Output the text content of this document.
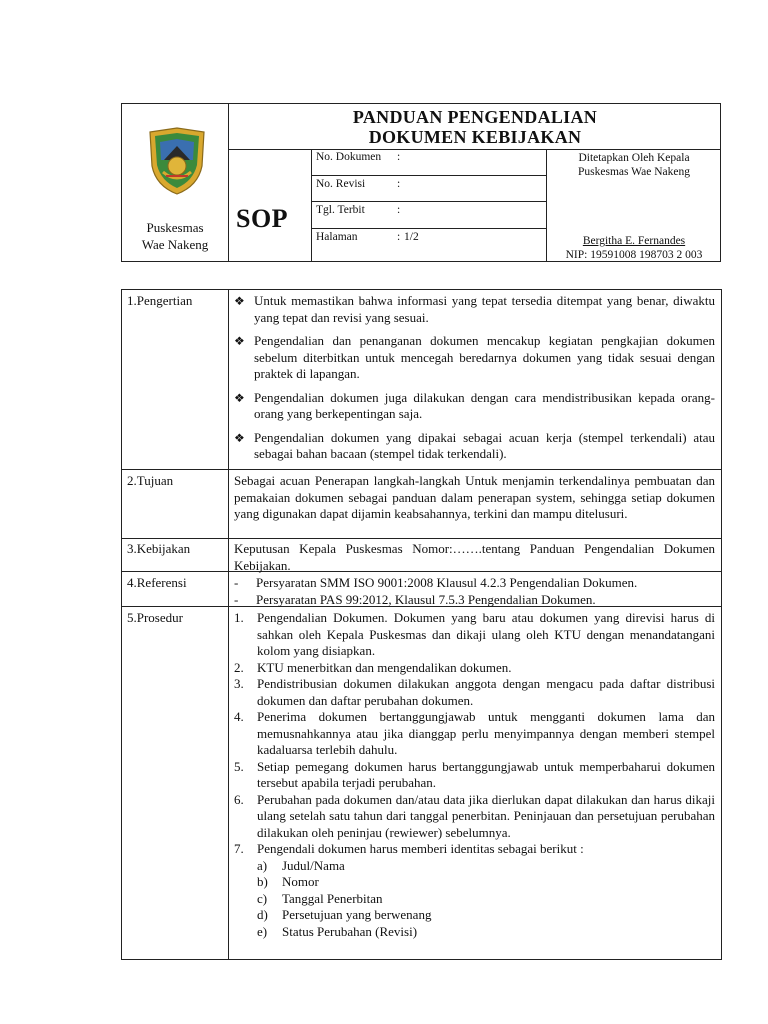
Puskesmas
Wae Nakeng
PANDUAN PENGENDALIAN
DOKUMEN KEBIJAKAN
SOP
No. Dokumen :
No. Revisi	:
Tgl. Terbit	:
Halaman	: 1/2
Ditetapkan Oleh Kepala
Puskesmas Wae Nakeng
Bergitha E. Fernandes
NIP: 19591008 198703 2 003
1.Pengertian	❖ Untuk memastikan bahwa informasi yang tepat tersedia ditempat yang benar, diwaktu yang tepat dan revisi yang sesuai.
❖ Pengendalian dan penanganan dokumen mencakup kegiatan pengkajian dokumen sebelum diterbitkan untuk mencegah beredarnya dokumen yang tidak sesuai dengan praktek di lapangan.
❖ Pengendalian dokumen juga dilakukan dengan cara mendistribusikan kepada orang-orang yang berkepentingan saja.
❖ Pengendalian dokumen yang dipakai sebagai acuan kerja (stempel terkendali) atau sebagai bahan bacaan (stempel tidak terkendali).
2.Tujuan	Sebagai acuan Penerapan langkah-langkah Untuk menjamin terkendalinya pembuatan dan pemakaian dokumen sebagai panduan dalam penerapan system, sehingga setiap dokumen yang digunakan dapat dijamin keabsahannya, terkini dan mampu ditelusuri.
3.Kebijakan	Keputusan Kepala Puskesmas Nomor:…….tentang Panduan Pengendalian Dokumen Kebijakan.
4.Referensi	- Persyaratan SMM ISO 9001:2008 Klausul 4.2.3 Pengendalian Dokumen.
- Persyaratan PAS 99:2012, Klausul 7.5.3 Pengendalian Dokumen.
5.Prosedur	1. Pengendalian Dokumen. Dokumen yang baru atau dokumen yang direvisi harus di sahkan oleh Kepala Puskesmas dan dikaji ulang oleh KTU dengan menandatangani kolom yang disiapkan.
2. KTU menerbitkan dan mengendalikan dokumen.
3. Pendistribusian dokumen dilakukan anggota dengan mengacu pada daftar distribusi dokumen dan daftar perubahan dokumen.
4. Penerima dokumen bertanggungjawab untuk mengganti dokumen lama dan memusnahkannya atau jika dianggap perlu menyimpannya dengan memberi stempel kadaluarsa terlebih dahulu.
5. Setiap pemegang dokumen harus bertanggungjawab untuk memperbaharui dokumen tersebut apabila terjadi perubahan.
6. Perubahan pada dokumen dan/atau data jika dierlukan dapat dilakukan dan harus dikaji ulang setelah satu tahun dari tanggal penerbitan. Peninjauan dan persetujuan perubahan dilakukan oleh peninjau (rewiewer) sebelumnya.
7. Pengendali dokumen harus memberi identitas sebagai berikut :
a) Judul/Nama
b) Nomor
c) Tanggal Penerbitan
d) Persetujuan yang berwenang
e) Status Perubahan (Revisi)
